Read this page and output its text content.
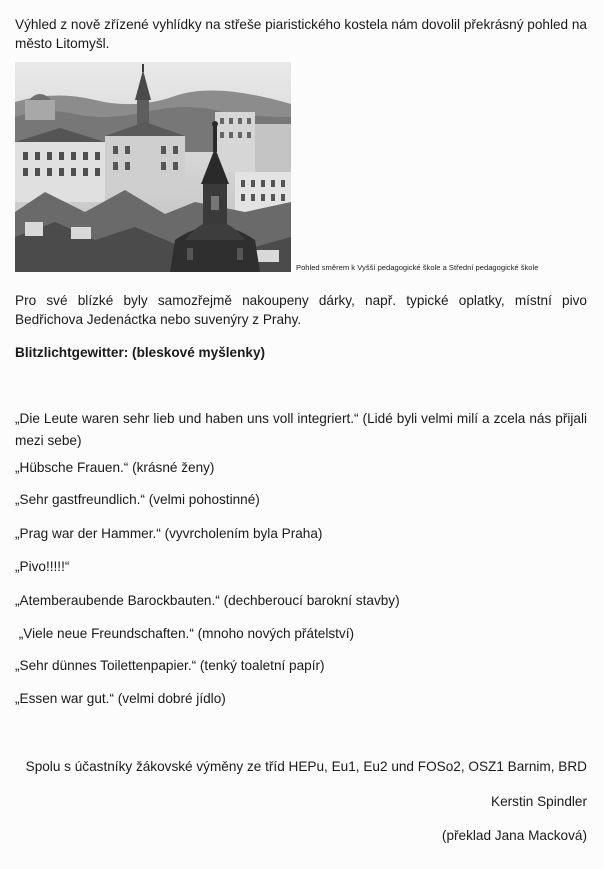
Výhled z nově zřízené vyhlídky na střeše piaristického kostela nám dovolil překrásný pohled na město Litomyšl.
Pohled směrem k Vyšší pedagogické škole a Střední pedagogické škole
Pro své blízké byly samozřejmě nakoupeny dárky, např. typické oplatky, místní pivo Bedřichova Jedenáctka nebo suvenýry z Prahy.
Blitzlichtgewitter: (bleskové myšlenky)
„Die Leute waren sehr lieb und haben uns voll integriert.“ (Lidé byli velmi milí a zcela nás přijali mezi sebe)
„Hübsche Frauen.“ (krásné ženy)
„Sehr gastfreundlich.“ (velmi pohostinné)
„Prag war der Hammer.“ (vyvrcholením byla Praha)
„Pivo!!!!!“
„Atemberaubende Barockbauten.“ (dechberoucí barokní stavby)
„Viele neue Freundschaften.“ (mnoho nových přátelství)
„Sehr dünnes Toilettenpapier.“ (tenký toaletní papír)
„Essen war gut.“ (velmi dobré jídlo)
Spolu s účastníky žákovské výměny ze tříd HEPu, Eu1, Eu2 und FOSo2, OSZ1 Barnim, BRD
Kerstin Spindler
(překlad Jana Macková)
